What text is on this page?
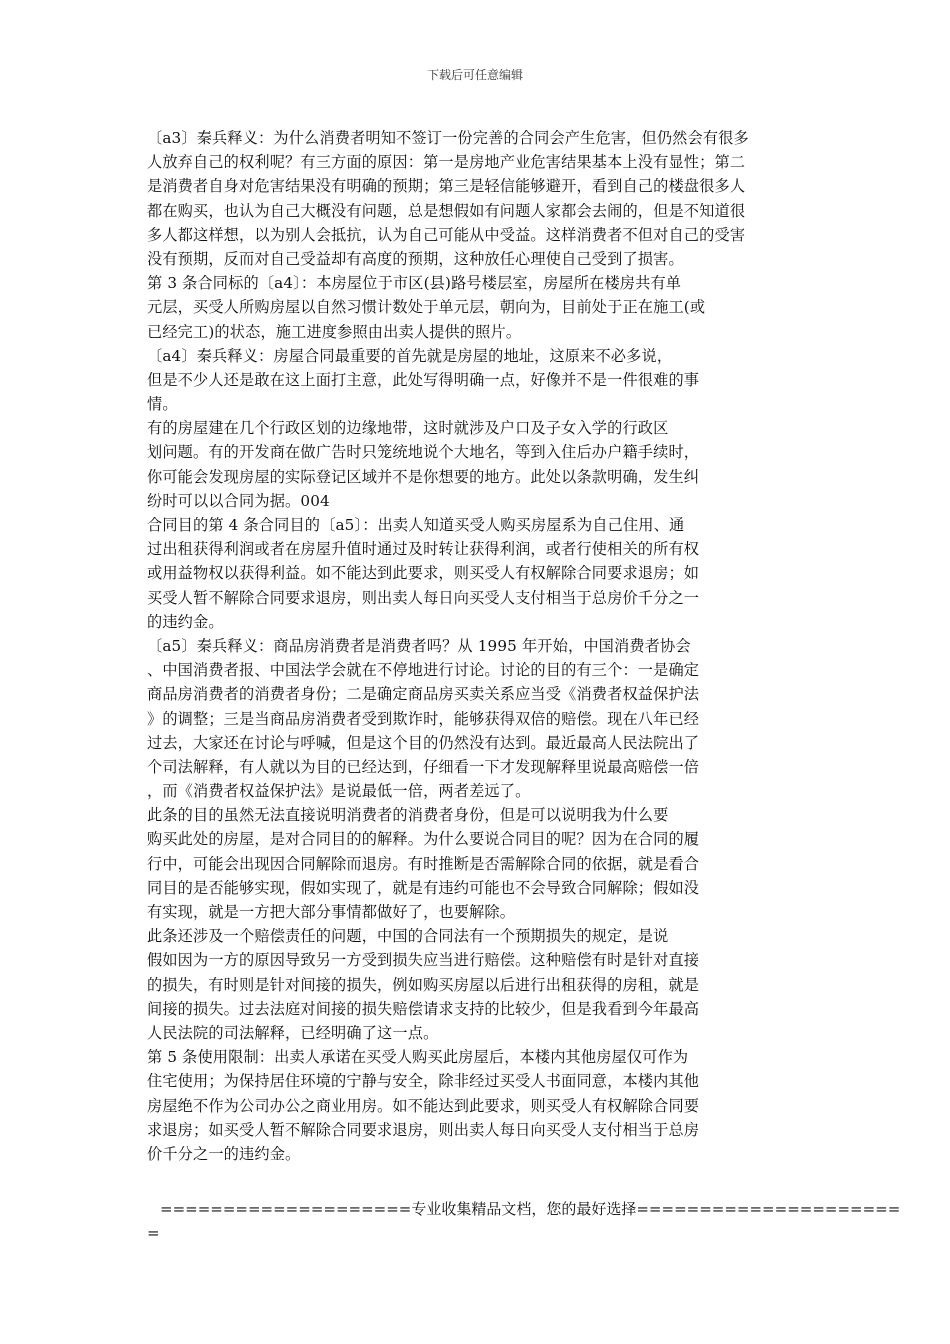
下载后可任意编辑
〔a3〕秦兵释义：为什么消费者明知不签订一份完善的合同会产生危害，但仍然会有很多
人放弃自己的权利呢？有三方面的原因：第一是房地产业危害结果基本上没有显性；第二
是消费者自身对危害结果没有明确的预期；第三是轻信能够避开，看到自己的楼盘很多人
都在购买，也认为自己大概没有问题，总是想假如有问题人家都会去闹的，但是不知道很
多人都这样想，以为别人会抵抗，认为自己可能从中受益。这样消费者不但对自己的受害
没有预期，反而对自己受益却有高度的预期，这种放任心理使自己受到了损害。
第 3 条合同标的〔a4〕：本房屋位于市区(县)路号楼层室，房屋所在楼房共有单
元层，买受人所购房屋以自然习惯计数处于单元层，朝向为，目前处于正在施工(或
已经完工)的状态，施工进度参照由出卖人提供的照片。
〔a4〕秦兵释义：房屋合同最重要的首先就是房屋的地址，这原来不必多说，
但是不少人还是敢在这上面打主意，此处写得明确一点，好像并不是一件很难的事
情。
有的房屋建在几个行政区划的边缘地带，这时就涉及户口及子女入学的行政区
划问题。有的开发商在做广告时只笼统地说个大地名，等到入住后办户籍手续时，
你可能会发现房屋的实际登记区域并不是你想要的地方。此处以条款明确，发生纠
纷时可以以合同为据。004
合同目的第 4 条合同目的〔a5〕：出卖人知道买受人购买房屋系为自己住用、通
过出租获得利润或者在房屋升值时通过及时转让获得利润，或者行使相关的所有权
或用益物权以获得利益。如不能达到此要求，则买受人有权解除合同要求退房；如
买受人暂不解除合同要求退房，则出卖人每日向买受人支付相当于总房价千分之一
的违约金。
〔a5〕秦兵释义：商品房消费者是消费者吗？从 1995 年开始，中国消费者协会
、中国消费者报、中国法学会就在不停地进行讨论。讨论的目的有三个：一是确定
商品房消费者的消费者身份；二是确定商品房买卖关系应当受《消费者权益保护法
》的调整；三是当商品房消费者受到欺诈时，能够获得双倍的赔偿。现在八年已经
过去，大家还在讨论与呼喊，但是这个目的仍然没有达到。最近最高人民法院出了
个司法解释，有人就以为目的已经达到，仔细看一下才发现解释里说最高赔偿一倍
，而《消费者权益保护法》是说最低一倍，两者差远了。
此条的目的虽然无法直接说明消费者的消费者身份，但是可以说明我为什么要
购买此处的房屋，是对合同目的的解释。为什么要说合同目的呢？因为在合同的履
行中，可能会出现因合同解除而退房。有时推断是否需解除合同的依据，就是看合
同目的是否能够实现，假如实现了，就是有违约可能也不会导致合同解除；假如没
有实现，就是一方把大部分事情都做好了，也要解除。
此条还涉及一个赔偿责任的问题，中国的合同法有一个预期损失的规定，是说
假如因为一方的原因导致另一方受到损失应当进行赔偿。这种赔偿有时是针对直接
的损失，有时则是针对间接的损失，例如购买房屋以后进行出租获得的房租，就是
间接的损失。过去法庭对间接的损失赔偿请求支持的比较少，但是我看到今年最高
人民法院的司法解释，已经明确了这一点。
第 5 条使用限制：出卖人承诺在买受人购买此房屋后，本楼内其他房屋仅可作为
住宅使用；为保持居住环境的宁静与安全，除非经过买受人书面同意，本楼内其他
房屋绝不作为公司办公之商业用房。如不能达到此要求，则买受人有权解除合同要
求退房；如买受人暂不解除合同要求退房，则出卖人每日向买受人支付相当于总房
价千分之一的违约金。
====================专业收集精品文档，您的最好选择=====================
=
